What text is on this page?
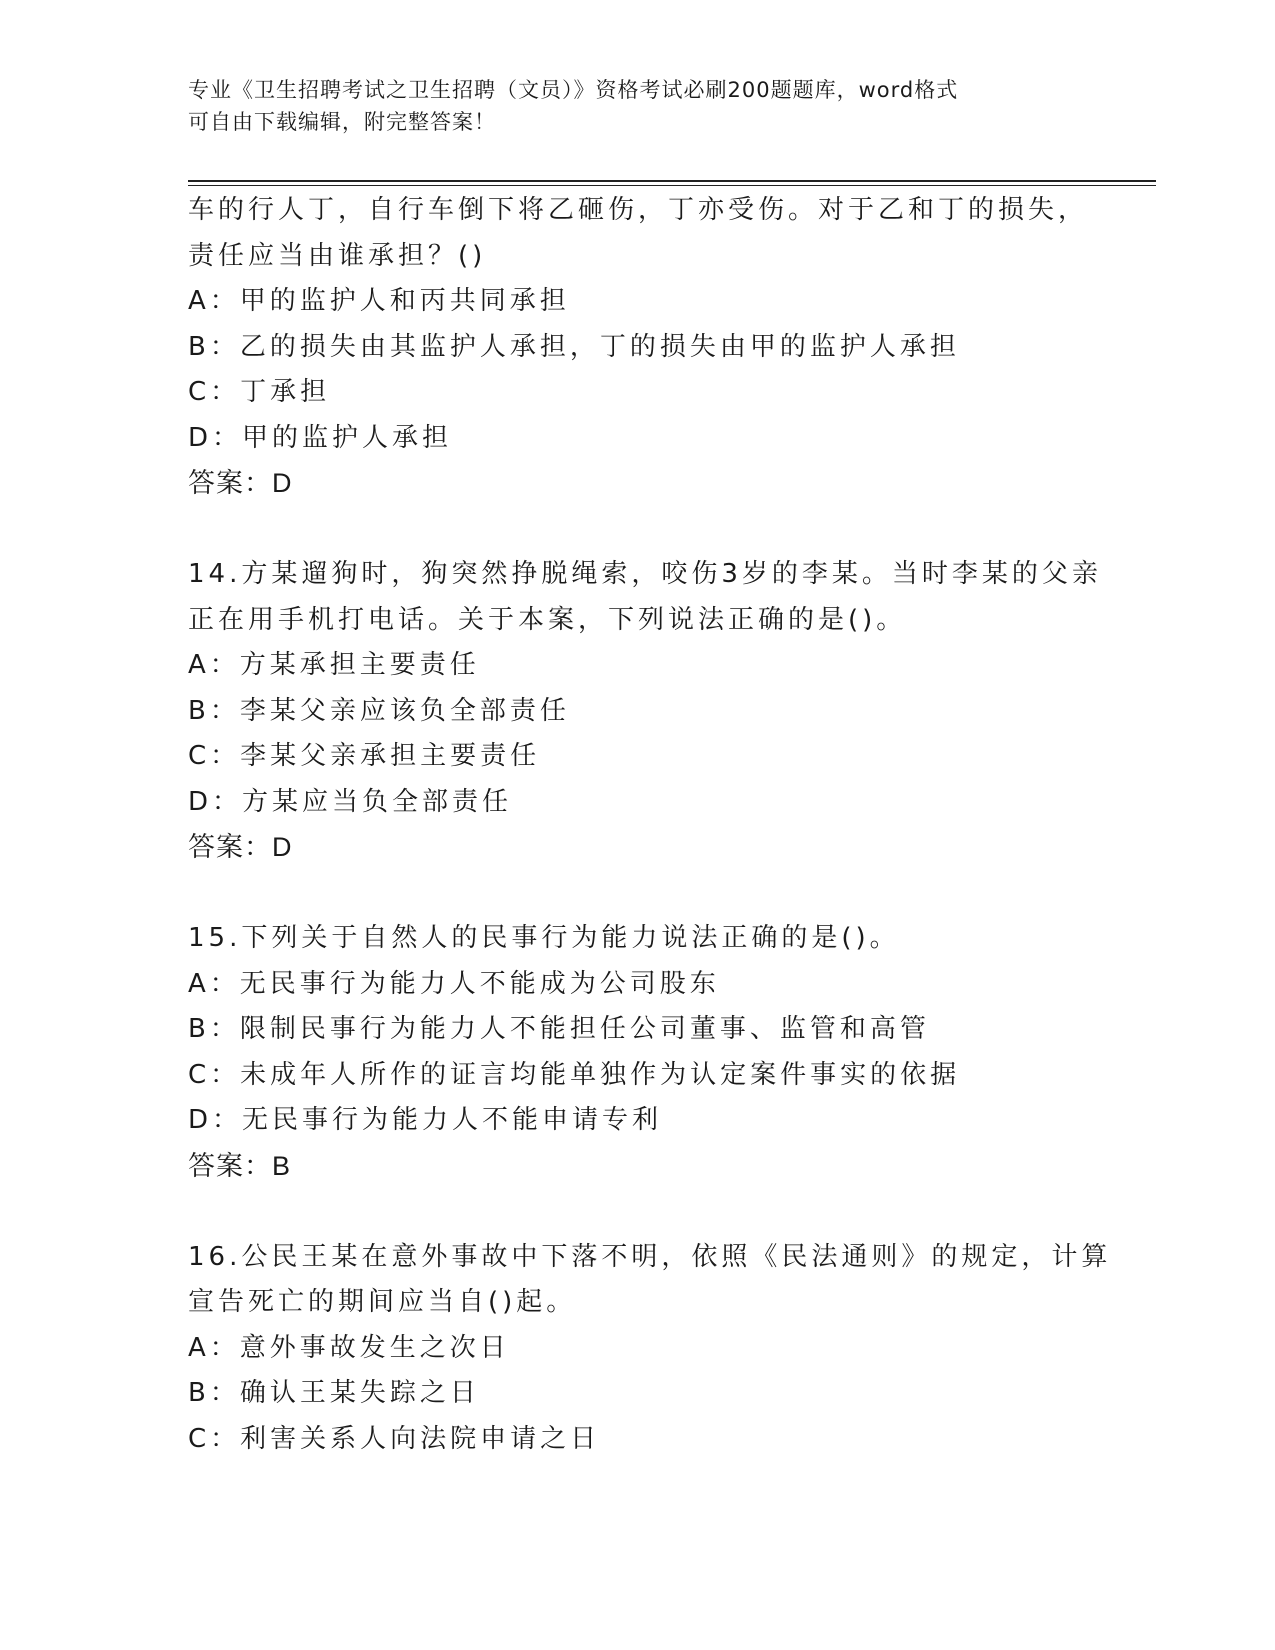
专业《卫生招聘考试之卫生招聘（文员）》资格考试必刷200题题库，word格式
可自由下载编辑，附完整答案！
车的行人丁，自行车倒下将乙砸伤，丁亦受伤。对于乙和丁的损失，
责任应当由谁承担？()
A：甲的监护人和丙共同承担
B：乙的损失由其监护人承担，丁的损失由甲的监护人承担
C：丁承担
D：甲的监护人承担
答案：D
14.方某遛狗时，狗突然挣脱绳索，咬伤3岁的李某。当时李某的父亲
正在用手机打电话。关于本案，下列说法正确的是()。
A：方某承担主要责任
B：李某父亲应该负全部责任
C：李某父亲承担主要责任
D：方某应当负全部责任
答案：D
15.下列关于自然人的民事行为能力说法正确的是()。
A：无民事行为能力人不能成为公司股东
B：限制民事行为能力人不能担任公司董事、监管和高管
C：未成年人所作的证言均能单独作为认定案件事实的依据
D：无民事行为能力人不能申请专利
答案：B
16.公民王某在意外事故中下落不明，依照《民法通则》的规定，计算
宣告死亡的期间应当自()起。
A：意外事故发生之次日
B：确认王某失踪之日
C：利害关系人向法院申请之日
